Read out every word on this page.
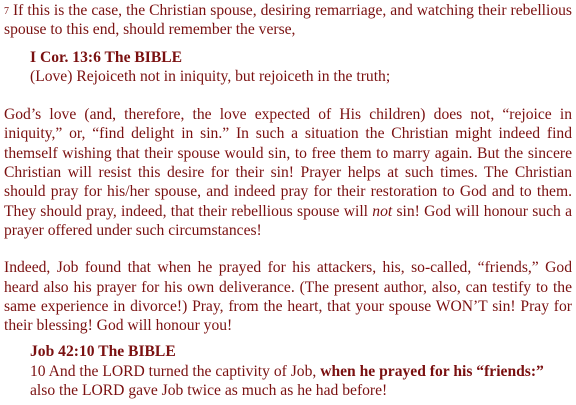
$^7$ If this is the case, the Christian spouse, desiring remarriage, and watching their rebellious spouse to this end, should remember the verse,

I Cor. 13:6 The BIBLE
(Love) Rejoiceth not in iniquity, but rejoiceth in the truth;

God’s love (and, therefore, the love expected of His children) does not, “rejoice in iniquity,” or, “find delight in sin.” In such a situation the Christian might indeed find themself wishing that their spouse would sin, to free them to marry again. But the sincere Christian will resist this desire for their sin! Prayer helps at such times. The Christian should pray for his/her spouse, and indeed pray for their restoration to God and to them. They should pray, indeed, that their rebellious spouse will not sin! God will honour such a prayer offered under such circumstances!

Indeed, Job found that when he prayed for his attackers, his, so-called, “friends,” God heard also his prayer for his own deliverance. (The present author, also, can testify to the same experience in divorce!) Pray, from the heart, that your spouse WON’T sin! Pray for their blessing! God will honour you!

Job 42:10 The BIBLE
10 And the LORD turned the captivity of Job, when he prayed for his “friends:” also the LORD gave Job twice as much as he had before!
